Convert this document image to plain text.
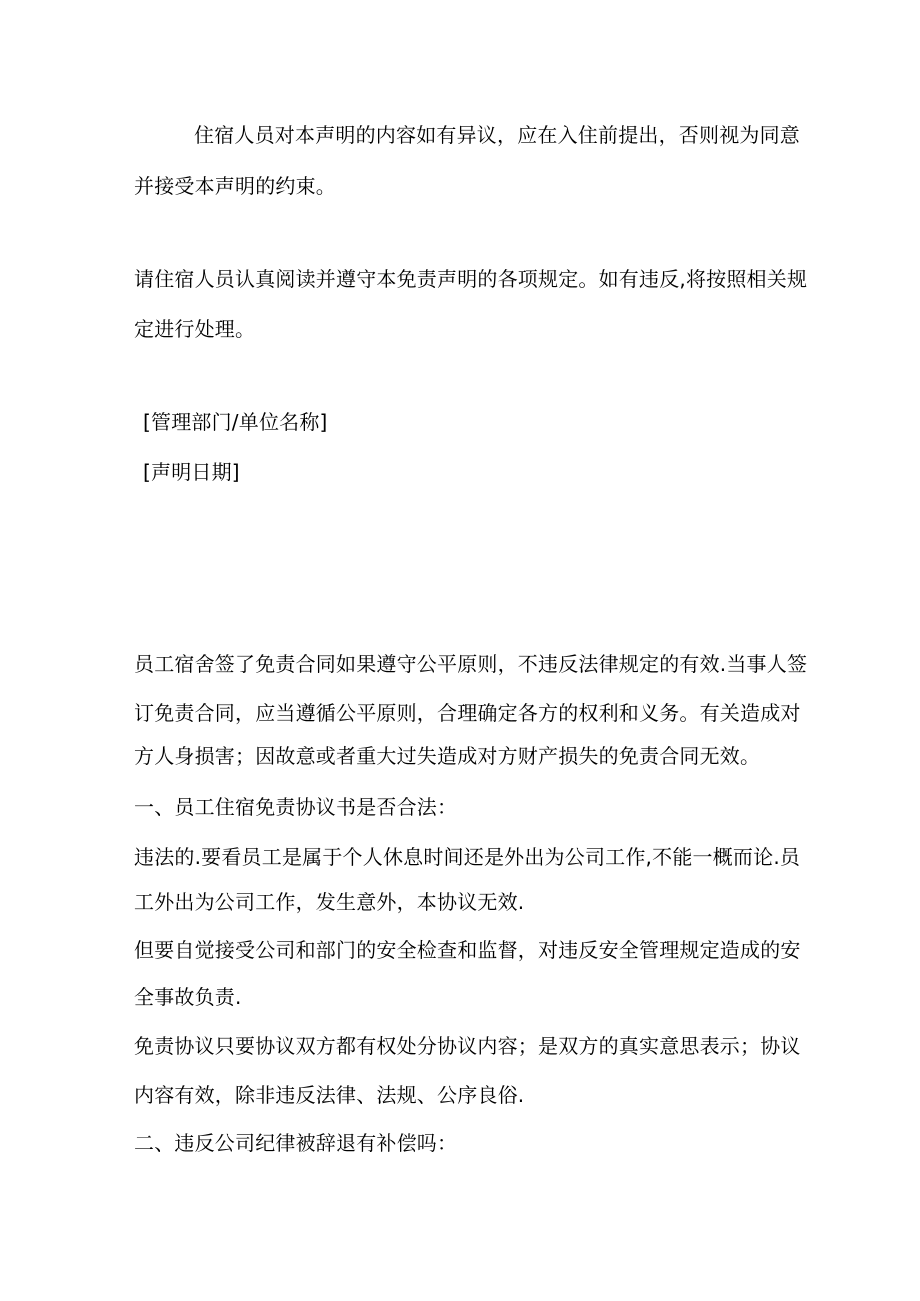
住宿人员对本声明的内容如有异议，应在入住前提出，否则视为同意
并接受本声明的约束。
请住宿人员认真阅读并遵守本免责声明的各项规定。如有违反,将按照相关规
定进行处理。
[管理部门/单位名称]
[声明日期]
员工宿舍签了免责合同如果遵守公平原则，不违反法律规定的有效.当事人签
订免责合同，应当遵循公平原则，合理确定各方的权利和义务。有关造成对
方人身损害；因故意或者重大过失造成对方财产损失的免责合同无效。
一、员工住宿免责协议书是否合法：
违法的.要看员工是属于个人休息时间还是外出为公司工作,不能一概而论.员
工外出为公司工作，发生意外，本协议无效.
但要自觉接受公司和部门的安全检查和监督，对违反安全管理规定造成的安
全事故负责.
免责协议只要协议双方都有权处分协议内容；是双方的真实意思表示；协议
内容有效，除非违反法律、法规、公序良俗.
二、违反公司纪律被辞退有补偿吗：
